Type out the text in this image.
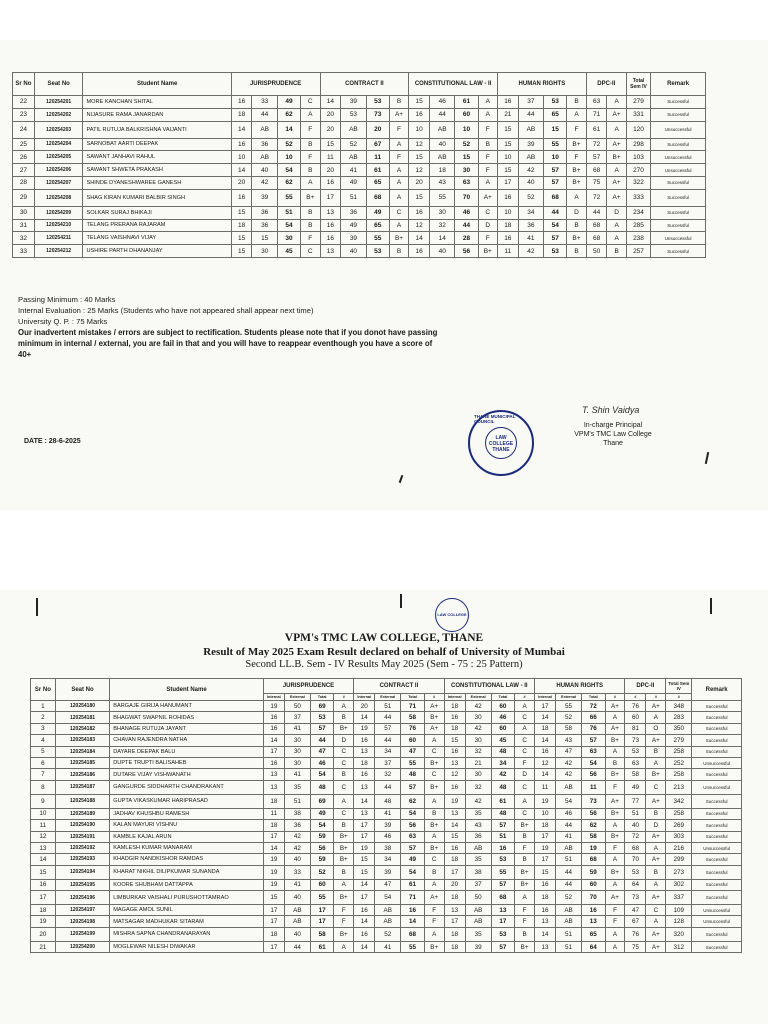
Sr No	Seat No	Student Name	JURISPRUDENCE				CONTRACT II				CONSTITUTIONAL LAW - II				HUMAN RIGHTS				DPC-II		Total Sem IV	Remark
22	120254201	MORE KANCHAN SHITAL	16	33	49	C	14	39	53	B	15	46	61	A	16	37	53	B	63	A	279	Successful
23	120254202	NIJASURE RAMA JANARDAN	18	44	62	A	20	53	73	A+	16	44	60	A	21	44	65	A	71	A+	331	Successful
24	120254203	PATIL RUTUJA BALKRISHNA VAIJANTI	14	AB	14	F	20	AB	20	F	10	AB	10	F	15	AB	15	F	61	A	120	Unsuccessful
25	120254204	SARNOBAT AARTI DEEPAK	16	36	52	B	15	52	67	A	12	40	52	B	15	39	55	B+	72	A+	298	Successful
26	120254205	SAWANT JANHAVI RAHUL	10	AB	10	F	11	AB	11	F	15	AB	15	F	10	AB	10	F	57	B+	103	Unsuccessful
27	120254206	SAWANT SHWETA PRAKASH	14	40	54	B	20	41	61	A	12	18	30	F	15	42	57	B+	68	A	270	Unsuccessful
28	120254207	SHINDE DYANESHWAREE GANESH	20	42	62	A	16	49	65	A	20	43	63	A	17	40	57	B+	75	A+	322	Successful
29	120254208	SHAG KIRAN KUMARI BALBIR SINGH	16	39	55	B+	17	51	68	A	15	55	70	A+	16	52	68	A	72	A+	333	Successful
30	120254209	SOLKAR SURAJ BHIKAJI	15	36	51	B	13	36	49	C	16	30	46	C	10	34	44	D	44	D	234	Successful
31	120254210	TELANG PRERANA RAJARAM	18	36	54	B	16	49	65	A	12	32	44	D	18	36	54	B	68	A	285	Successful
32	120254211	TELANG VAISHNAVI VIJAY	15	15	30	F	16	39	55	B+	14	14	28	F	16	41	57	B+	68	A	238	Unsuccessful
33	120254212	USHIRE PARTH DHANANJAY	15	30	45	C	13	40	53	B	16	40	56	B+	11	42	53	B	50	B	257	Successful
Passing Minimum : 40 Marks
Internal Evaluation : 25 Marks (Students who have not appeared shall appear next time)
University Q. P. : 75 Marks
Our inadvertent mistakes / errors are subject to rectification. Students please note that if you donot have passing minimum in internal / external, you are fail in that and you will have to reappear eventhough you have a score of 40+
DATE : 28-6-2025
THANE MUNICIPAL COUNCIL
LAW COLLEGE THANE
T. Shin Vaidya
In-charge Principal
VPM's TMC Law College
Thane
LAW COLLEGE
VPM's TMC LAW COLLEGE, THANE
Result of May 2025 Exam Result declared on behalf of University of Mumbai
Second LL.B. Sem - IV Results May 2025 (Sem - 75 : 25 Pattern)
Sr No	Seat No	Student Name	JURISPRUDENCE				CONTRACT II				CONSTITUTIONAL LAW - II				HUMAN RIGHTS				DPC-II		Total Sem IV	Remark
			Internal	External	Total	#	Internal	External	Total	#	Internal	External	Total	#	Internal	External	Total	#	#	#	#	
1	120254180	BARGAJE GIRIJA HANUMANT	19	50	69	A	20	51	71	A+	18	42	60	A	17	55	72	A+	76	A+	348	Successful
2	120254181	BHAGWAT SWAPNIL ROHIDAS	16	37	53	B	14	44	58	B+	16	30	46	C	14	52	66	A	60	A	283	Successful
3	120254182	BHANAGE RUTUJA JAYANT	16	41	57	B+	19	57	76	A+	18	42	60	A	18	58	76	A+	81	O	350	Successful
4	120254183	CHAVAN RAJENDRA NATHA	14	30	44	D	16	44	60	A	15	30	45	C	14	43	57	B+	73	A+	279	Successful
5	120254184	DAYARE DEEPAK BALU	17	30	47	C	13	34	47	C	16	32	48	C	16	47	63	A	53	B	258	Successful
6	120254185	DUPTE TRUPTI BALISAHEB	16	30	46	C	18	37	55	B+	13	21	34	F	12	42	54	B	63	A	252	Unsuccessful
7	120254186	DUTARE VIJAY VISHWANATH	13	41	54	B	16	32	48	C	12	30	42	D	14	42	56	B+	58	B+	258	Successful
8	120254187	GANGURDE SIDDHARTH CHANDRAKANT	13	35	48	C	13	44	57	B+	16	32	48	C	11	AB	11	F	49	C	213	Unsuccessful
9	120254188	GUPTA VIKASKUMAR HARIPRASAD	18	51	69	A	14	48	62	A	19	42	61	A	19	54	73	A+	77	A+	342	Successful
10	120254189	JADHAV KHUSHBU RAMESH	11	38	49	C	13	41	54	B	13	35	48	C	10	46	56	B+	51	B	258	Successful
11	120254190	KALAN MAYURI VISHNU	18	36	54	B	17	39	56	B+	14	43	57	B+	18	44	62	A	40	D	269	Successful
12	120254191	KAMBLE KAJAL ARUN	17	42	59	B+	17	46	63	A	15	36	51	B	17	41	58	B+	72	A+	303	Successful
13	120254192	KAMLESH KUMAR MANARAM	14	42	56	B+	19	38	57	B+	16	AB	16	F	19	AB	19	F	68	A	216	Unsuccessful
14	120254193	KHADGIR NANDKISHOR RAMDAS	19	40	59	B+	15	34	49	C	18	35	53	B	17	51	68	A	70	A+	299	Successful
15	120254194	KHARAT NIKHIL DILIPKUMAR SUNANDA	19	33	52	B	15	39	54	B	17	38	55	B+	15	44	59	B+	53	B	273	Successful
16	120254195	KOORE SHUBHAM DATTAPPA	19	41	60	A	14	47	61	A	20	37	57	B+	16	44	60	A	64	A	302	Successful
17	120254196	LIMBURKAR VAISHALI PURUSHOTTAMRAO	15	40	55	B+	17	54	71	A+	18	50	68	A	18	52	70	A+	73	A+	337	Successful
18	120254197	MAGAGE AMOL SUNIL	17	AB	17	F	16	AB	16	F	13	AB	13	F	16	AB	16	F	47	C	109	Unsuccessful
19	120254198	MATSAGAR MADHUKAR SITARAM	17	AB	17	F	14	AB	14	F	17	AB	17	F	13	AB	13	F	67	A	128	Unsuccessful
20	120254199	MISHRA SAPNA CHANDRANARAYAN	18	40	58	B+	16	52	68	A	18	35	53	B	14	51	65	A	76	A+	320	Successful
21	120254200	MOGLEWAR NILESH DIWAKAR	17	44	61	A	14	41	55	B+	18	39	57	B+	13	51	64	A	75	A+	312	Successful
